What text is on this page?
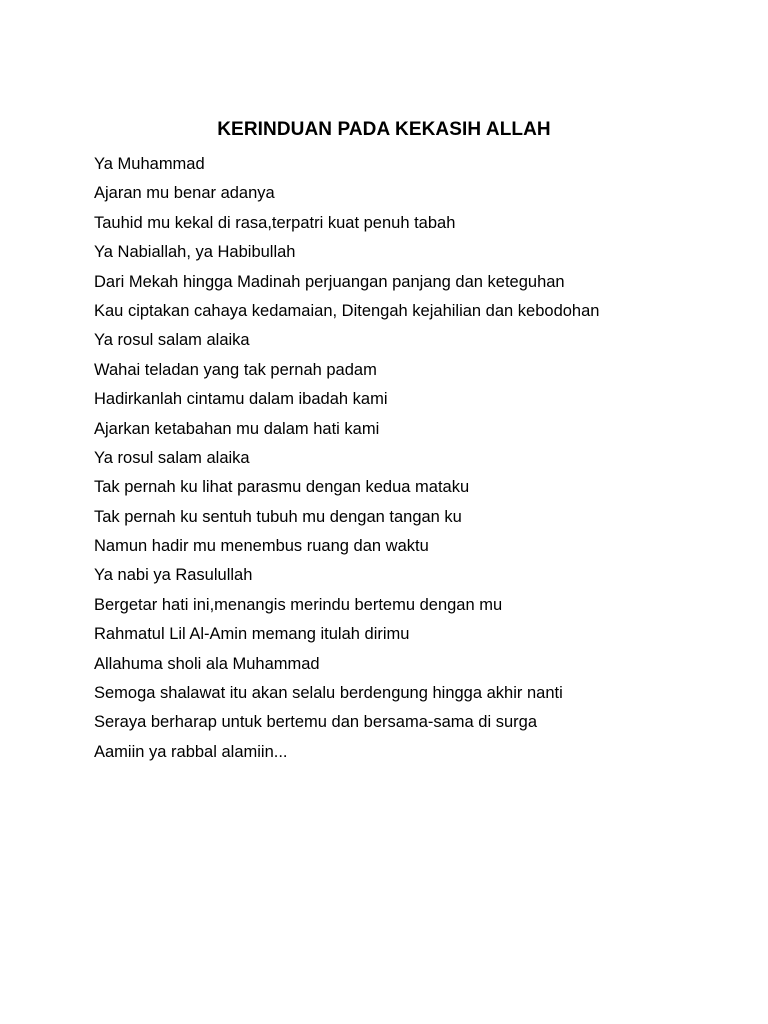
KERINDUAN PADA KEKASIH ALLAH
Ya Muhammad
Ajaran mu benar adanya
Tauhid mu kekal di rasa,terpatri kuat penuh tabah
Ya Nabiallah, ya Habibullah
Dari Mekah hingga Madinah perjuangan panjang dan keteguhan
Kau ciptakan cahaya kedamaian, Ditengah kejahilian dan kebodohan
Ya rosul salam alaika
Wahai teladan yang tak pernah padam
Hadirkanlah cintamu dalam ibadah kami
Ajarkan ketabahan mu dalam hati kami
Ya rosul salam alaika
Tak pernah ku lihat parasmu dengan kedua mataku
Tak pernah ku sentuh tubuh mu dengan tangan ku
Namun hadir mu menembus ruang dan waktu
Ya nabi ya Rasulullah
Bergetar hati ini,menangis merindu bertemu dengan mu
Rahmatul Lil Al-Amin memang itulah dirimu
Allahuma sholi ala Muhammad
Semoga shalawat itu akan selalu berdengung hingga akhir nanti
Seraya berharap untuk bertemu dan bersama-sama di surga
Aamiin ya rabbal alamiin...
